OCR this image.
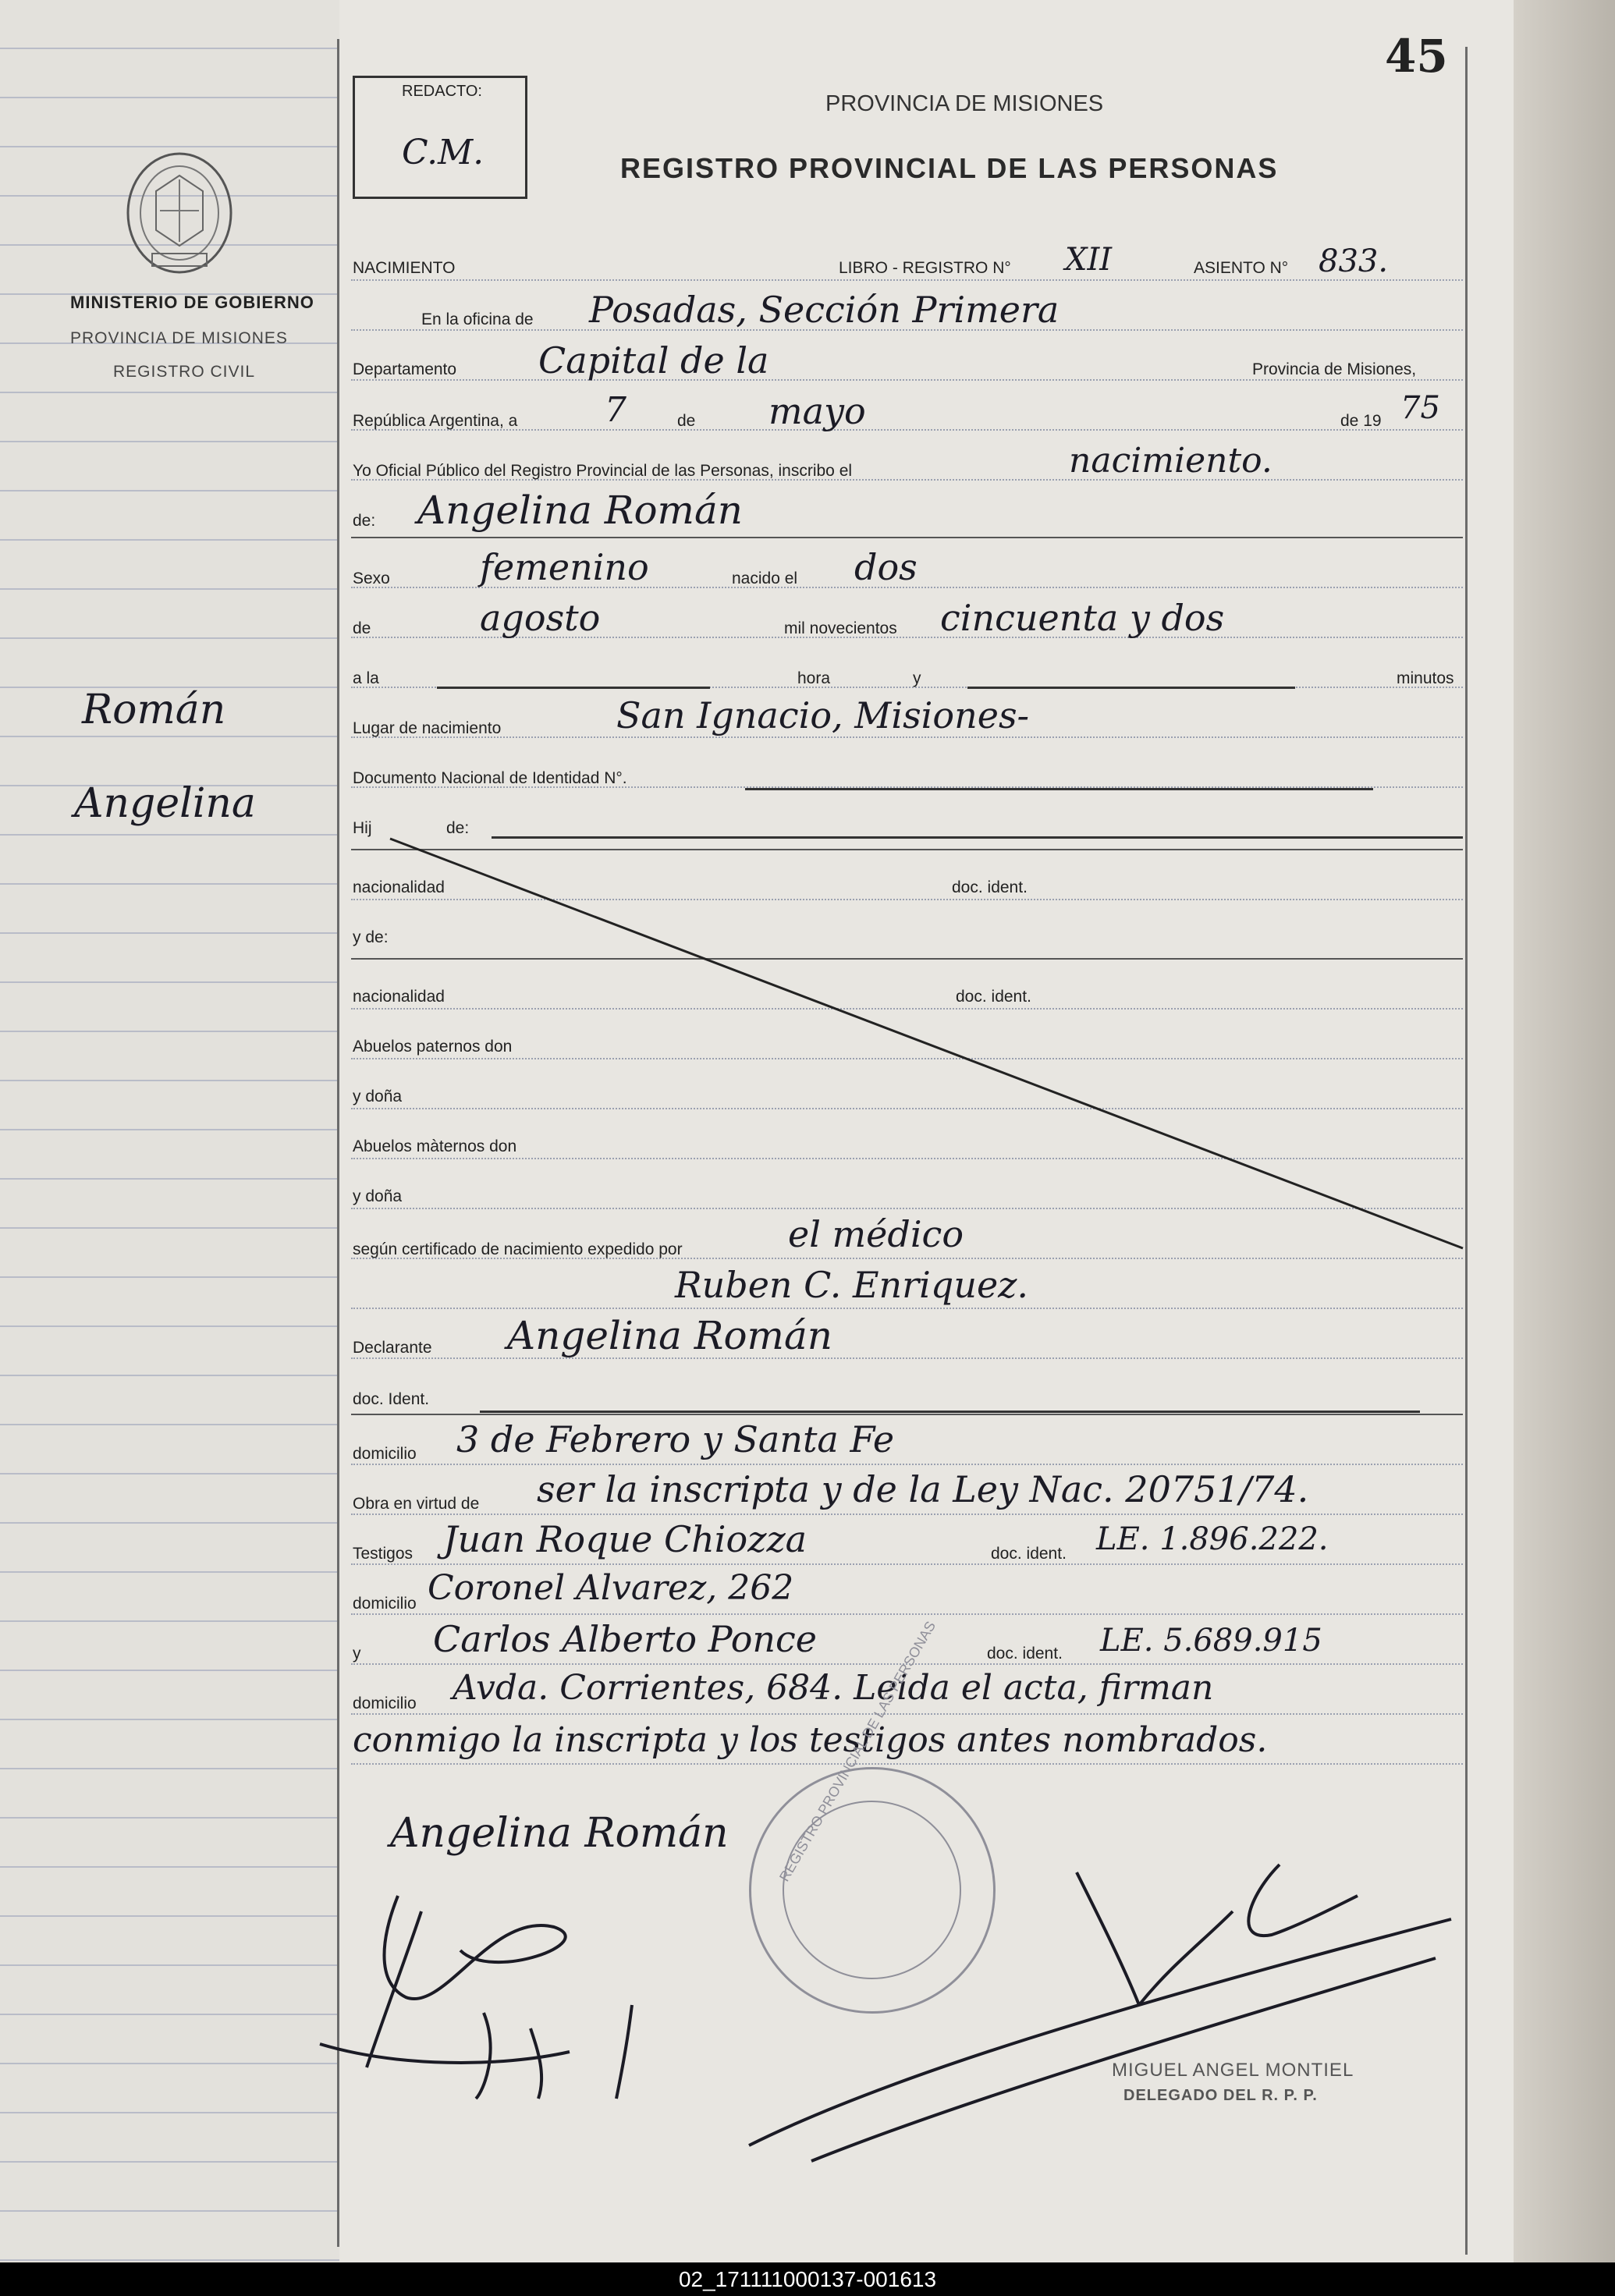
45
REDACTO:
C.M.
PROVINCIA DE MISIONES
REGISTRO PROVINCIAL DE LAS PERSONAS
MINISTERIO DE GOBIERNO
PROVINCIA DE MISIONES
REGISTRO CIVIL
Román
Angelina
NACIMIENTO	LIBRO - REGISTRO N° XII	ASIENTO N° 833.
En la oficina de Posadas, Sección Primera
Departamento Capital de la	Provincia de Misiones,
República Argentina, a	7	de mayo	de 19 75
Yo Oficial Público del Registro Provincial de las Personas, inscribo el	nacimiento.
de: Angelina Román
Sexo	femenino	nacido el dos
de	agosto	mil novecientos cincuenta y dos
a la	hora	y	minutos
Lugar de nacimiento	San Ignacio, Misiones-
Documento Nacional de Identidad N°.
Hij	de:
nacionalidad	doc. ident.
y de:
nacionalidad	doc. ident.
Abuelos paternos don
y doña
Abuelos màternos don
y doña
según certificado de nacimiento expedido por	el médico
Ruben C. Enriquez.
Declarante Angelina Román
doc. Ident.
domicilio 3 de Febrero y Santa Fe
Obra en virtud de ser la inscripta y de la Ley Nac. 20751/74.
Testigos Juan Roque Chiozza	doc. ident. LE. 1.896.222.
domicilio Coronel Alvarez, 262
y Carlos Alberto Ponce	doc. ident. LE. 5.689.915
domicilio Avda. Corrientes, 684. Leida el acta, firman
conmigo la inscripta y los testigos antes nombrados.
REGISTRO PROVINCIAL DE LAS PERSONAS
Angelina Román
MIGUEL ANGEL MONTIEL
DELEGADO DEL R. P. P.
02_171111000137-001613
